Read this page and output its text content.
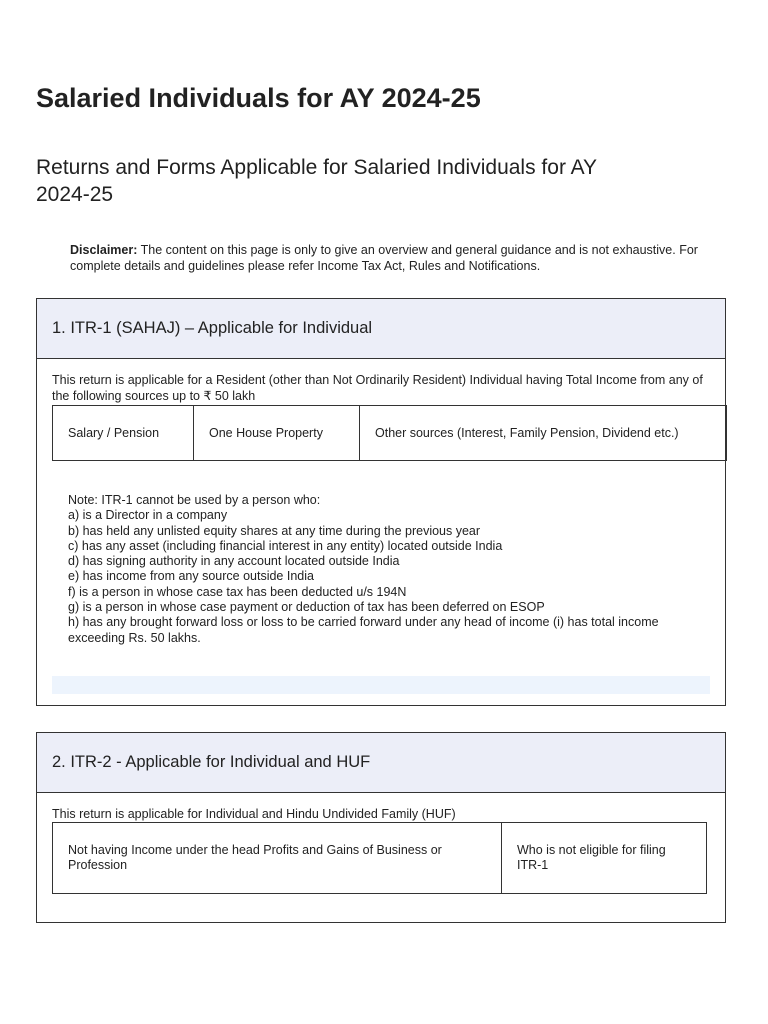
Salaried Individuals for AY 2024-25
Returns and Forms Applicable for Salaried Individuals for AY 2024-25
Disclaimer: The content on this page is only to give an overview and general guidance and is not exhaustive. For complete details and guidelines please refer Income Tax Act, Rules and Notifications.
1. ITR-1 (SAHAJ) – Applicable for Individual
This return is applicable for a Resident (other than Not Ordinarily Resident) Individual having Total Income from any of the following sources up to ₹ 50 lakh
Salary / Pension	One House Property	Other sources (Interest, Family Pension, Dividend etc.)
Note: ITR-1 cannot be used by a person who:
a) is a Director in a company
b) has held any unlisted equity shares at any time during the previous year
c) has any asset (including financial interest in any entity) located outside India
d) has signing authority in any account located outside India
e) has income from any source outside India
f) is a person in whose case tax has been deducted u/s 194N
g) is a person in whose case payment or deduction of tax has been deferred on ESOP
h) has any brought forward loss or loss to be carried forward under any head of income (i) has total income exceeding Rs. 50 lakhs.
2. ITR-2 - Applicable for Individual and HUF
This return is applicable for Individual and Hindu Undivided Family (HUF)
Not having Income under the head Profits and Gains of Business or Profession	Who is not eligible for filing ITR-1
